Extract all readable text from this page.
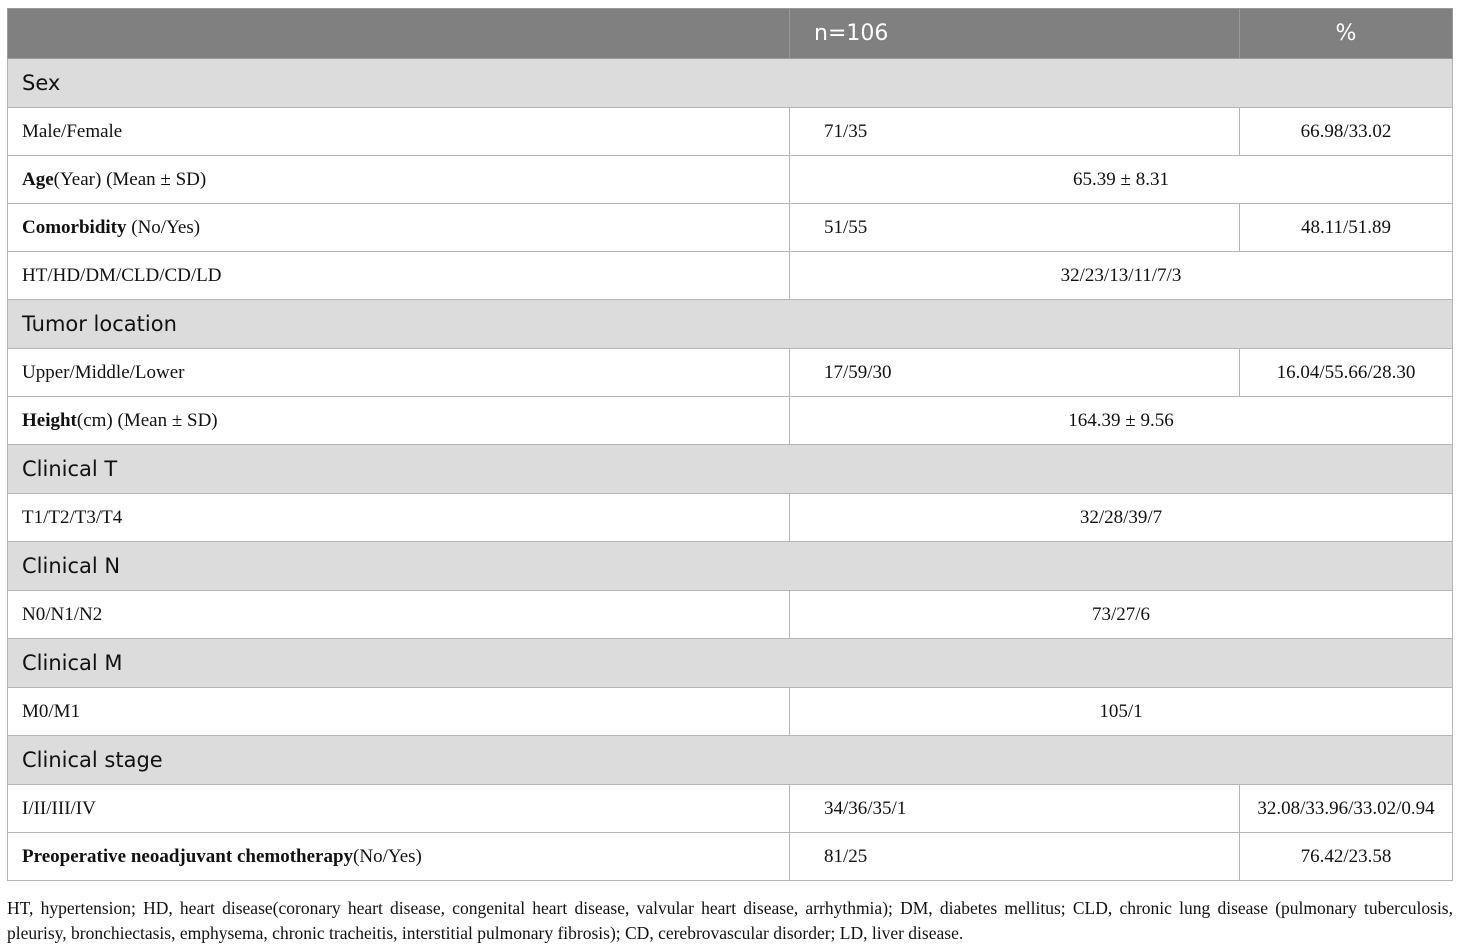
	n=106	%
Sex		
Male/Female	71/35	66.98/33.02
Age(Year) (Mean ± SD)	65.39 ± 8.31	
Comorbidity (No/Yes)	51/55	48.11/51.89
HT/HD/DM/CLD/CD/LD	32/23/13/11/7/3	
Tumor location		
Upper/Middle/Lower	17/59/30	16.04/55.66/28.30
Height(cm) (Mean ± SD)	164.39 ± 9.56	
Clinical T		
T1/T2/T3/T4	32/28/39/7	
Clinical N		
N0/N1/N2	73/27/6	
Clinical M		
M0/M1	105/1	
Clinical stage		
I/II/III/IV	34/36/35/1	32.08/33.96/33.02/0.94
Preoperative neoadjuvant chemotherapy(No/Yes)	81/25	76.42/23.58

HT, hypertension; HD, heart disease(coronary heart disease, congenital heart disease, valvular heart disease, arrhythmia); DM, diabetes mellitus; CLD, chronic lung disease (pulmonary tuberculosis, pleurisy, bronchiectasis, emphysema, chronic tracheitis, interstitial pulmonary fibrosis); CD, cerebrovascular disorder; LD, liver disease.
